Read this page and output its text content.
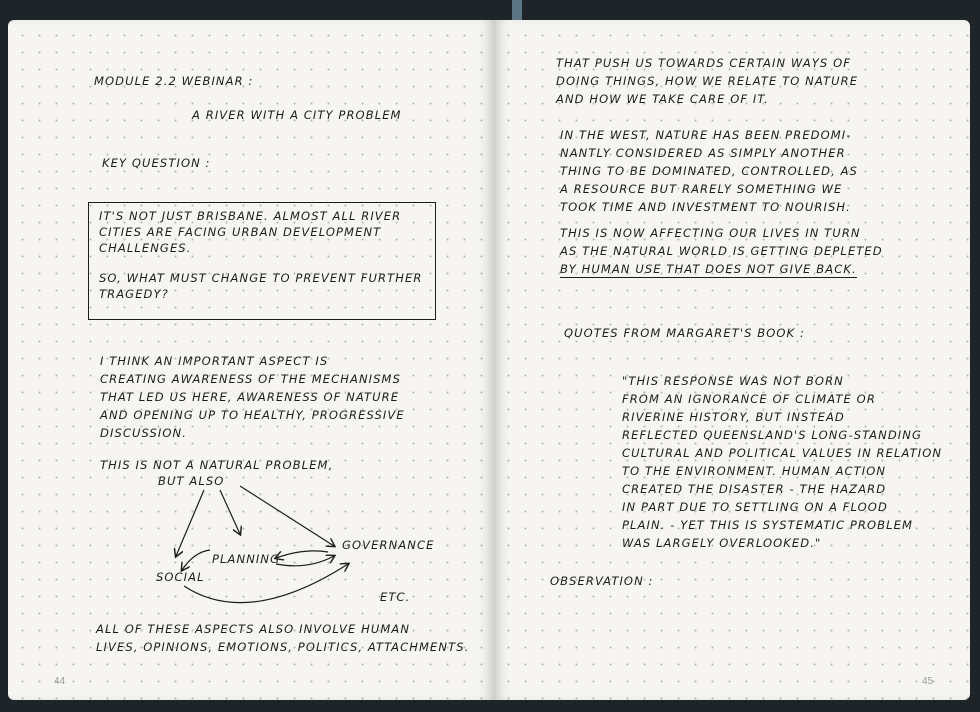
MODULE 2.2 WEBINAR :
A RIVER WITH A CITY PROBLEM
KEY QUESTION :
IT'S NOT JUST BRISBANE. ALMOST ALL RIVER
CITIES ARE FACING URBAN DEVELOPMENT
CHALLENGES.
SO, WHAT MUST CHANGE TO PREVENT FURTHER
TRAGEDY?
I THINK AN IMPORTANT ASPECT IS
CREATING AWARENESS OF THE MECHANISMS
THAT LED US HERE, AWARENESS OF NATURE
AND OPENING UP TO HEALTHY, PROGRESSIVE
DISCUSSION.
THIS IS NOT A NATURAL PROBLEM,
BUT ALSO
PLANNING
GOVERNANCE
SOCIAL
ETC.
ALL OF THESE ASPECTS ALSO INVOLVE HUMAN
LIVES, OPINIONS, EMOTIONS, POLITICS, ATTACHMENTS.
44
THAT PUSH US TOWARDS CERTAIN WAYS OF
DOING THINGS, HOW WE RELATE TO NATURE
AND HOW WE TAKE CARE OF IT.
IN THE WEST, NATURE HAS BEEN PREDOMI-
NANTLY CONSIDERED AS SIMPLY ANOTHER
THING TO BE DOMINATED, CONTROLLED, AS
A RESOURCE BUT RARELY SOMETHING WE
TOOK TIME AND INVESTMENT TO NOURISH.
THIS IS NOW AFFECTING OUR LIVES IN TURN
AS THE NATURAL WORLD IS GETTING DEPLETED
BY HUMAN USE THAT DOES NOT GIVE BACK.
QUOTES FROM MARGARET'S BOOK :
"THIS RESPONSE WAS NOT BORN
FROM AN IGNORANCE OF CLIMATE OR
RIVERINE HISTORY, BUT INSTEAD
REFLECTED QUEENSLAND'S LONG-STANDING
CULTURAL AND POLITICAL VALUES IN RELATION
TO THE ENVIRONMENT. HUMAN ACTION
CREATED THE DISASTER - THE HAZARD
IN PART DUE TO SETTLING ON A FLOOD
PLAIN. - YET THIS IS SYSTEMATIC PROBLEM
WAS LARGELY OVERLOOKED."
OBSERVATION :
45
